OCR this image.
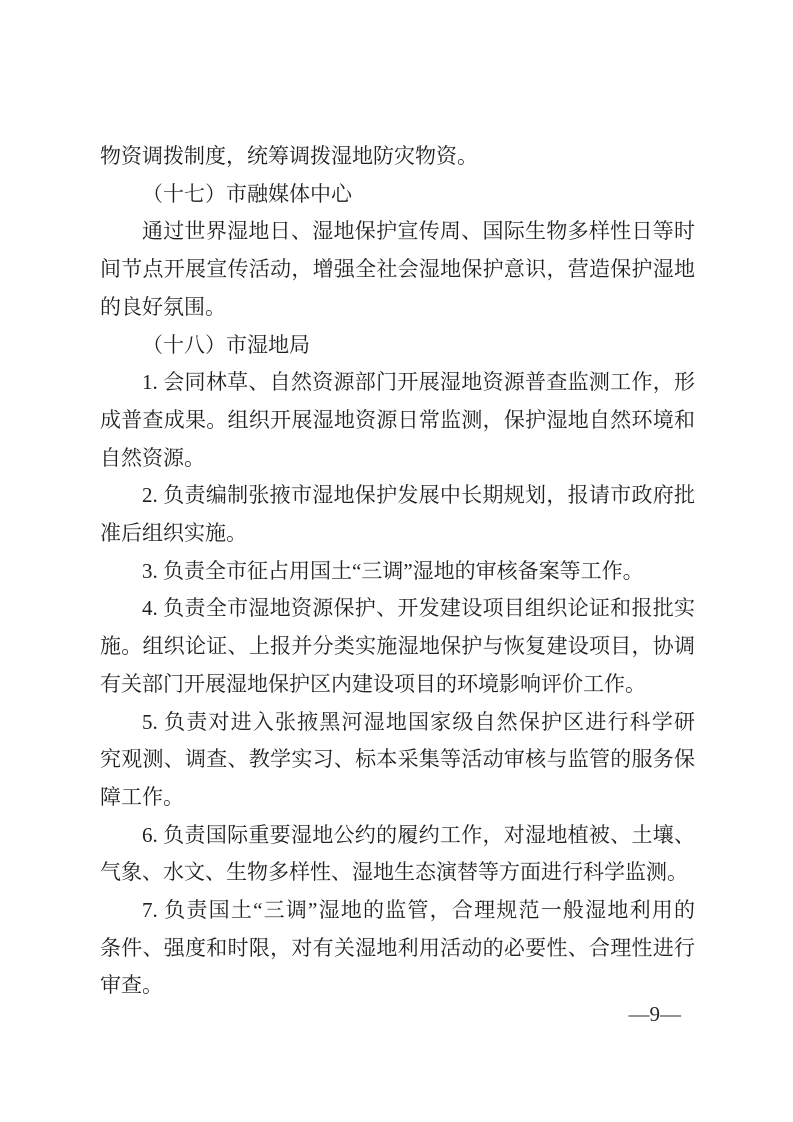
物资调拨制度，统筹调拨湿地防灾物资。
（十七）市融媒体中心
通过世界湿地日、湿地保护宣传周、国际生物多样性日等时
间节点开展宣传活动，增强全社会湿地保护意识，营造保护湿地
的良好氛围。
（十八）市湿地局
1. 会同林草、自然资源部门开展湿地资源普查监测工作，形
成普查成果。组织开展湿地资源日常监测，保护湿地自然环境和
自然资源。
2. 负责编制张掖市湿地保护发展中长期规划，报请市政府批
准后组织实施。
3. 负责全市征占用国土“三调”湿地的审核备案等工作。
4. 负责全市湿地资源保护、开发建设项目组织论证和报批实
施。组织论证、上报并分类实施湿地保护与恢复建设项目，协调
有关部门开展湿地保护区内建设项目的环境影响评价工作。
5. 负责对进入张掖黑河湿地国家级自然保护区进行科学研
究观测、调查、教学实习、标本采集等活动审核与监管的服务保
障工作。
6. 负责国际重要湿地公约的履约工作，对湿地植被、土壤、
气象、水文、生物多样性、湿地生态演替等方面进行科学监测。
7. 负责国土“三调”湿地的监管，合理规范一般湿地利用的
条件、强度和时限，对有关湿地利用活动的必要性、合理性进行
审查。
—9—
